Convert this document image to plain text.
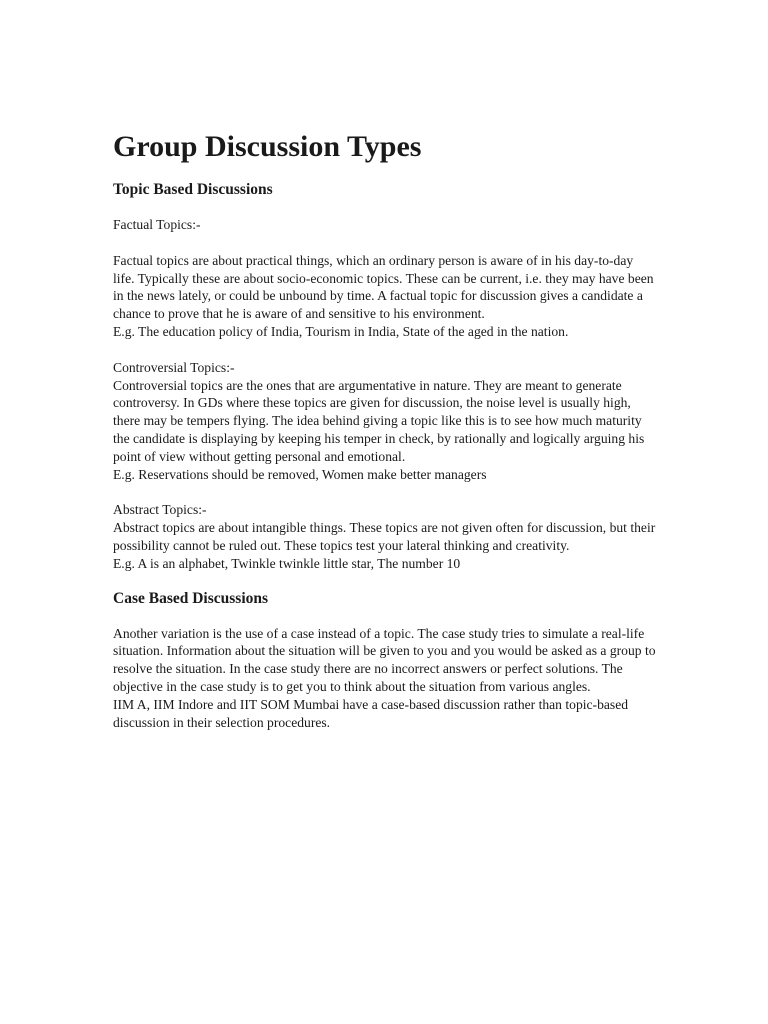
Group Discussion Types
Topic Based Discussions

Factual Topics:-

Factual topics are about practical things, which an ordinary person is aware of in his day-to-day life. Typically these are about socio-economic topics. These can be current, i.e. they may have been in the news lately, or could be unbound by time. A factual topic for discussion gives a candidate a chance to prove that he is aware of and sensitive to his environment.

E.g. The education policy of India, Tourism in India, State of the aged in the nation.

Controversial Topics:-

Controversial topics are the ones that are argumentative in nature. They are meant to generate controversy. In GDs where these topics are given for discussion, the noise level is usually high, there may be tempers flying. The idea behind giving a topic like this is to see how much maturity the candidate is displaying by keeping his temper in check, by rationally and logically arguing his point of view without getting personal and emotional.

E.g. Reservations should be removed, Women make better managers

Abstract Topics:-

Abstract topics are about intangible things. These topics are not given often for discussion, but their possibility cannot be ruled out. These topics test your lateral thinking and creativity.

E.g. A is an alphabet, Twinkle twinkle little star, The number 10

Case Based Discussions

Another variation is the use of a case instead of a topic. The case study tries to simulate a real-life situation. Information about the situation will be given to you and you would be asked as a group to resolve the situation. In the case study there are no incorrect answers or perfect solutions. The objective in the case study is to get you to think about the situation from various angles.

IIM A, IIM Indore and IIT SOM Mumbai have a case-based discussion rather than topic-based discussion in their selection procedures.
